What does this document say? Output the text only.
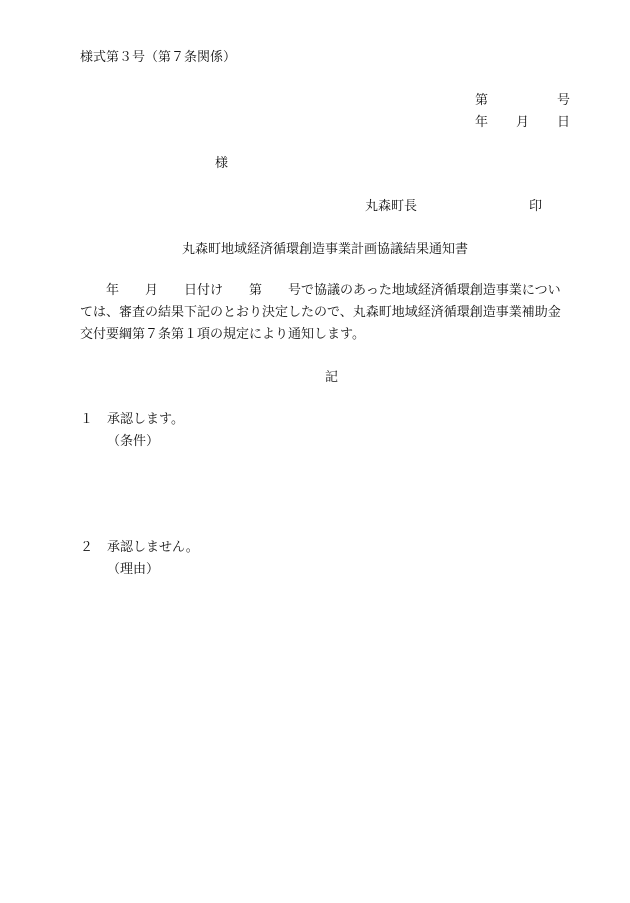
様式第３号（第７条関係）
第	号
年 月 日
様
丸森町長	印
丸森町地域経済循環創造事業計画協議結果通知書
　　年　　月　　日付け　　第　　号で協議のあった地域経済循環創造事業につい
ては、審査の結果下記のとおり決定したので、丸森町地域経済循環創造事業補助金
交付要綱第７条第１項の規定により通知します。
記
１ 承認します。
（条件）
２ 承認しません。
（理由）
